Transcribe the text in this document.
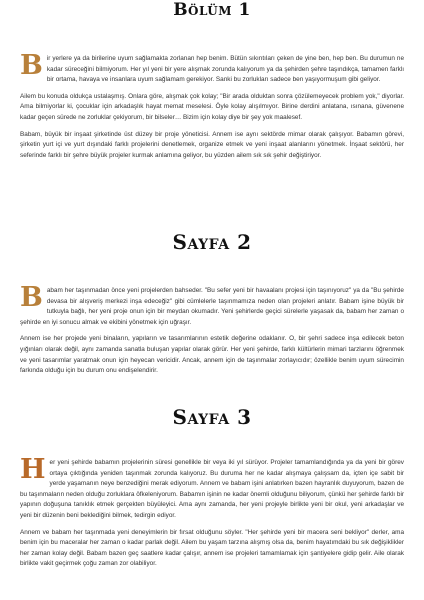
Bölüm 1

Bir yerlere ya da birilerine uyum sağlamakta zorlanan hep benim. Bütün sıkıntıları çeken de yine ben, hep ben. Bu durumun ne kadar süreceğini bilmiyorum. Her yıl yeni bir yere alışmak zorunda kalıyorum ya da şehirden şehre taşındıkça, tamamen farklı bir ortama, havaya ve insanlara uyum sağlamam gerekiyor. Sanki bu zorlukları sadece ben yaşıyormuşum gibi geliyor.

Ailem bu konuda oldukça ustalaşmış. Onlara göre, alışmak çok kolay; "Bir arada olduktan sonra çözülemeyecek problem yok," diyorlar. Ama bilmiyorlar ki, çocuklar için arkadaşlık hayat memat meselesi. Öyle kolay alışılmıyor. Birine derdini anlatana, ısınana, güvenene kadar geçen sürede ne zorluklar çekiyorum, bir bilseler… Bizim için kolay diye bir şey yok maalesef.

Babam, büyük bir inşaat şirketinde üst düzey bir proje yöneticisi. Annem ise aynı sektörde mimar olarak çalışıyor. Babamın görevi, şirketin yurt içi ve yurt dışındaki farklı projelerini denetlemek, organize etmek ve yeni inşaat alanlarını yönetmek. İnşaat sektörü, her seferinde farklı bir şehre büyük projeler kurmak anlamına geliyor, bu yüzden ailem sık sık şehir değiştiriyor.

Sayfa 2

Babam her taşınmadan önce yeni projelerden bahseder. "Bu sefer yeni bir havaalanı projesi için taşınıyoruz" ya da "Bu şehirde devasa bir alışveriş merkezi inşa edeceğiz" gibi cümlelerle taşınmamıza neden olan projeleri anlatır. Babam işine büyük bir tutkuyla bağlı, her yeni proje onun için bir meydan okumadır. Yeni şehirlerde geçici sürelerle yaşasak da, babam her zaman o şehirde en iyi sonucu almak ve ekibini yönetmek için uğraşır.

Annem ise her projede yeni binaların, yapıların ve tasarımlarının estetik değerine odaklanır. O, bir şehri sadece inşa edilecek beton yığınları olarak değil, aynı zamanda sanatla buluşan yapılar olarak görür. Her yeni şehirde, farklı kültürlerin mimari tarzlarını öğrenmek ve yeni tasarımlar yaratmak onun için heyecan vericidir. Ancak, annem için de taşınmalar zorlayıcıdır; özellikle benim uyum sürecimin farkında olduğu için bu durum onu endişelendirir.

Sayfa 3

Her yeni şehirde babamın projelerinin süresi genellikle bir veya iki yıl sürüyor. Projeler tamamlandığında ya da yeni bir görev ortaya çıktığında yeniden taşınmak zorunda kalıyoruz. Bu duruma her ne kadar alışmaya çalışsam da, içten içe sabit bir yerde yaşamanın neye benzediğini merak ediyorum. Annem ve babam işini anlatırken bazen hayranlık duyuyorum, bazen de bu taşınmaların neden olduğu zorluklara öfkeleniyorum. Babamın işinin ne kadar önemli olduğunu biliyorum, çünkü her şehirde farklı bir yapının doğuşuna tanıklık etmek gerçekten büyüleyici. Ama aynı zamanda, her yeni projeyle birlikte yeni bir okul, yeni arkadaşlar ve yeni bir düzenin beni beklediğini bilmek, tedirgin ediyor.

Annem ve babam her taşınmada yeni deneyimlerin bir fırsat olduğunu söyler. "Her şehirde yeni bir macera seni bekliyor" derler, ama benim için bu maceralar her zaman o kadar parlak değil. Ailem bu yaşam tarzına alışmış olsa da, benim hayatımdaki bu sık değişiklikler her zaman kolay değil. Babam bazen geç saatlere kadar çalışır, annem ise projeleri tamamlamak için şantiyelere gidip gelir. Aile olarak birlikte vakit geçirmek çoğu zaman zor olabiliyor.
